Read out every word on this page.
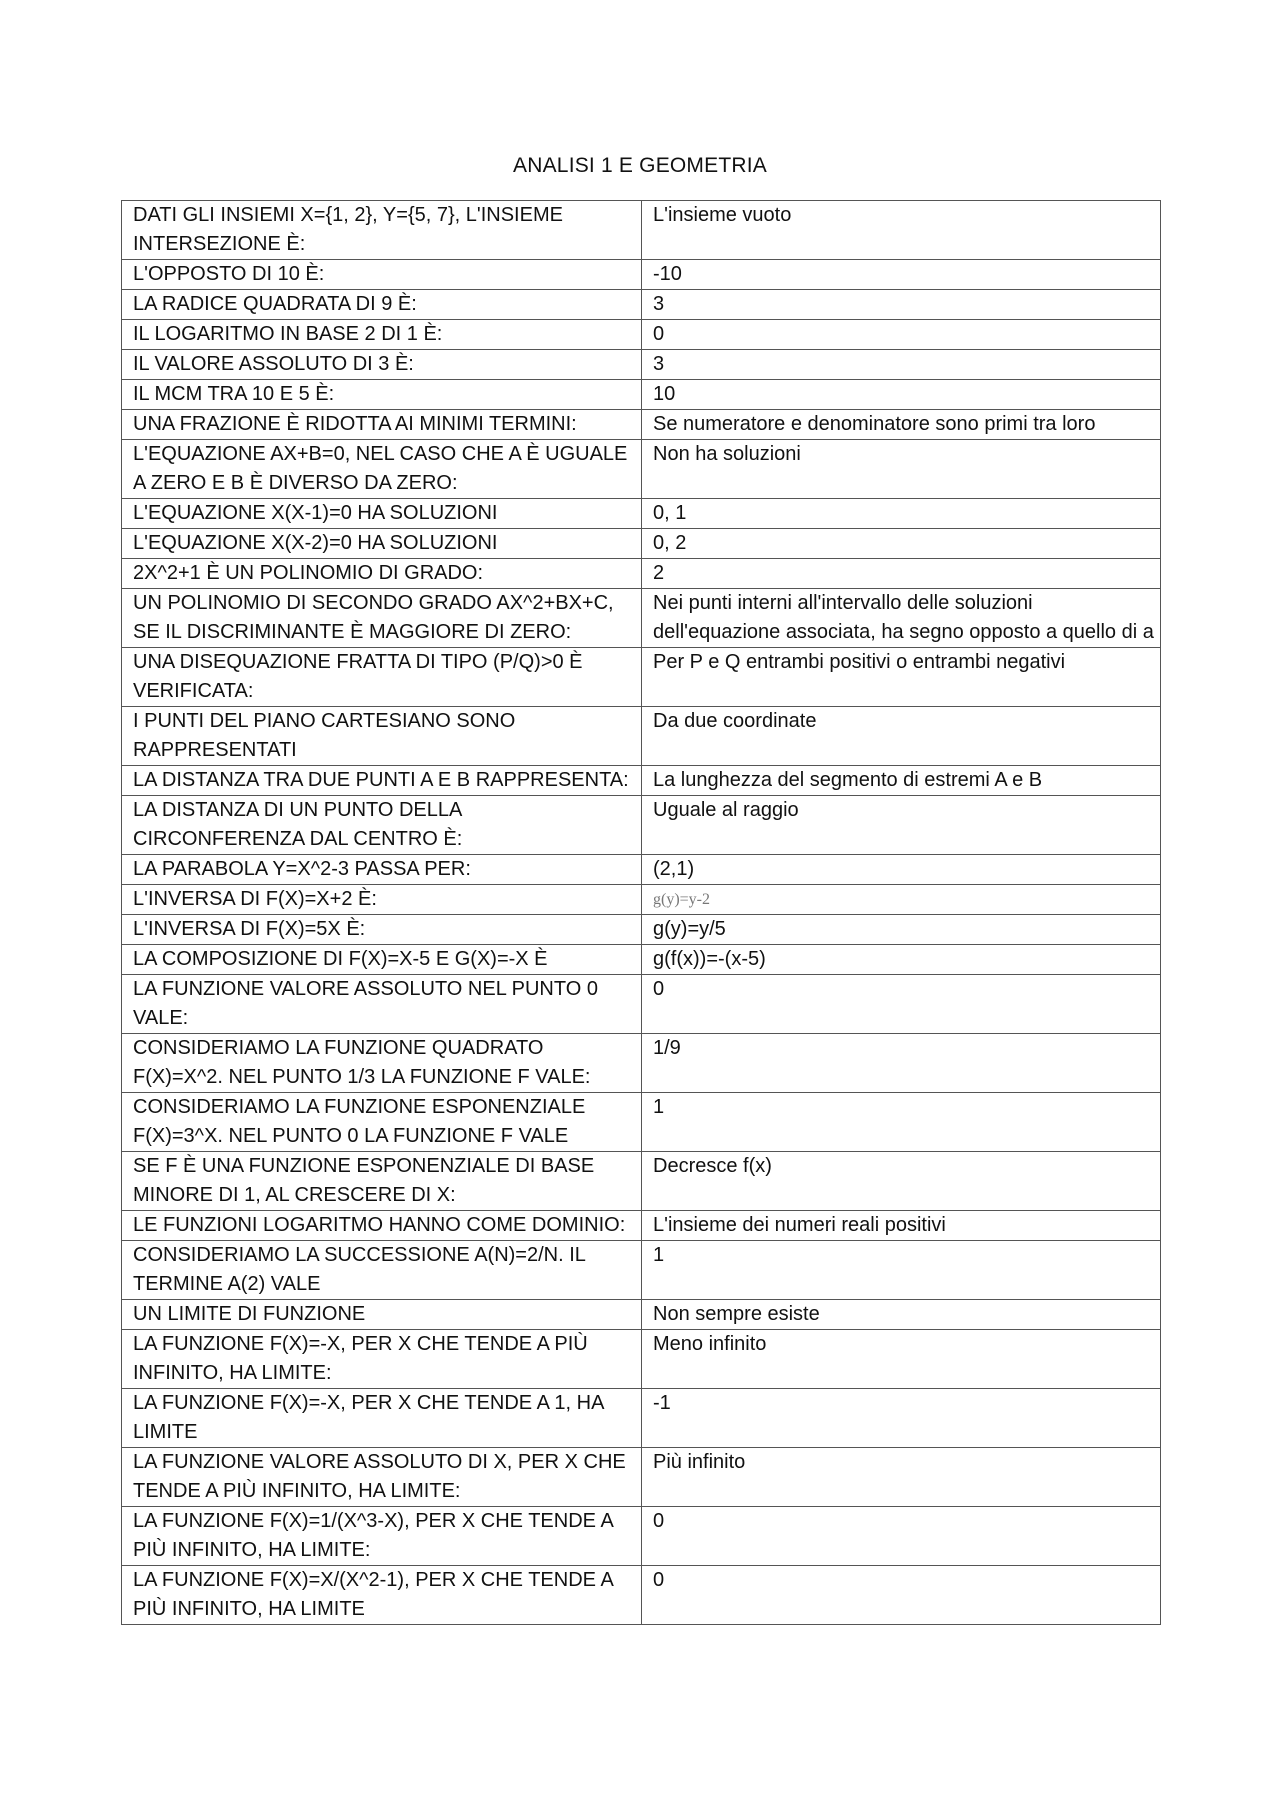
ANALISI 1 E GEOMETRIA
DATI GLI INSIEMI X={1, 2}, Y={5, 7}, L'INSIEME INTERSEZIONE È:	L'insieme vuoto
L'OPPOSTO DI 10 È:	-10
LA RADICE QUADRATA DI 9 È:	3
IL LOGARITMO IN BASE 2 DI 1 È:	0
IL VALORE ASSOLUTO DI 3 È:	3
IL MCM TRA 10 E 5 È:	10
UNA FRAZIONE È RIDOTTA AI MINIMI TERMINI:	Se numeratore e denominatore sono primi tra loro
L'EQUAZIONE AX+B=0, NEL CASO CHE A È UGUALE A ZERO E B È DIVERSO DA ZERO:	Non ha soluzioni
L'EQUAZIONE X(X-1)=0 HA SOLUZIONI	0, 1
L'EQUAZIONE X(X-2)=0 HA SOLUZIONI	0, 2
2X^2+1 È UN POLINOMIO DI GRADO:	2
UN POLINOMIO DI SECONDO GRADO AX^2+BX+C, SE IL DISCRIMINANTE È MAGGIORE DI ZERO:	Nei punti interni all'intervallo delle soluzioni dell'equazione associata, ha segno opposto a quello di a
UNA DISEQUAZIONE FRATTA DI TIPO (P/Q)>0 È VERIFICATA:	Per P e Q entrambi positivi o entrambi negativi
I PUNTI DEL PIANO CARTESIANO SONO RAPPRESENTATI	Da due coordinate
LA DISTANZA TRA DUE PUNTI A E B RAPPRESENTA:	La lunghezza del segmento di estremi A e B
LA DISTANZA DI UN PUNTO DELLA CIRCONFERENZA DAL CENTRO È:	Uguale al raggio
LA PARABOLA Y=X^2-3 PASSA PER:	(2,1)
L'INVERSA DI F(X)=X+2 È:	g(y)=y-2
L'INVERSA DI F(X)=5X È:	g(y)=y/5
LA COMPOSIZIONE DI F(X)=X-5 E G(X)=-X È	g(f(x))=-(x-5)
LA FUNZIONE VALORE ASSOLUTO NEL PUNTO 0 VALE:	0
CONSIDERIAMO LA FUNZIONE QUADRATO F(X)=X^2. NEL PUNTO 1/3 LA FUNZIONE F VALE:	1/9
CONSIDERIAMO LA FUNZIONE ESPONENZIALE F(X)=3^X. NEL PUNTO 0 LA FUNZIONE F VALE	1
SE F È UNA FUNZIONE ESPONENZIALE DI BASE MINORE DI 1, AL CRESCERE DI X:	Decresce f(x)
LE FUNZIONI LOGARITMO HANNO COME DOMINIO:	L'insieme dei numeri reali positivi
CONSIDERIAMO LA SUCCESSIONE A(N)=2/N. IL TERMINE A(2) VALE	1
UN LIMITE DI FUNZIONE	Non sempre esiste
LA FUNZIONE F(X)=-X, PER X CHE TENDE A PIÙ INFINITO, HA LIMITE:	Meno infinito
LA FUNZIONE F(X)=-X, PER X CHE TENDE A 1, HA LIMITE	-1
LA FUNZIONE VALORE ASSOLUTO DI X, PER X CHE TENDE A PIÙ INFINITO, HA LIMITE:	Più infinito
LA FUNZIONE F(X)=1/(X^3-X), PER X CHE TENDE A PIÙ INFINITO, HA LIMITE:	0
LA FUNZIONE F(X)=X/(X^2-1), PER X CHE TENDE A PIÙ INFINITO, HA LIMITE	0
